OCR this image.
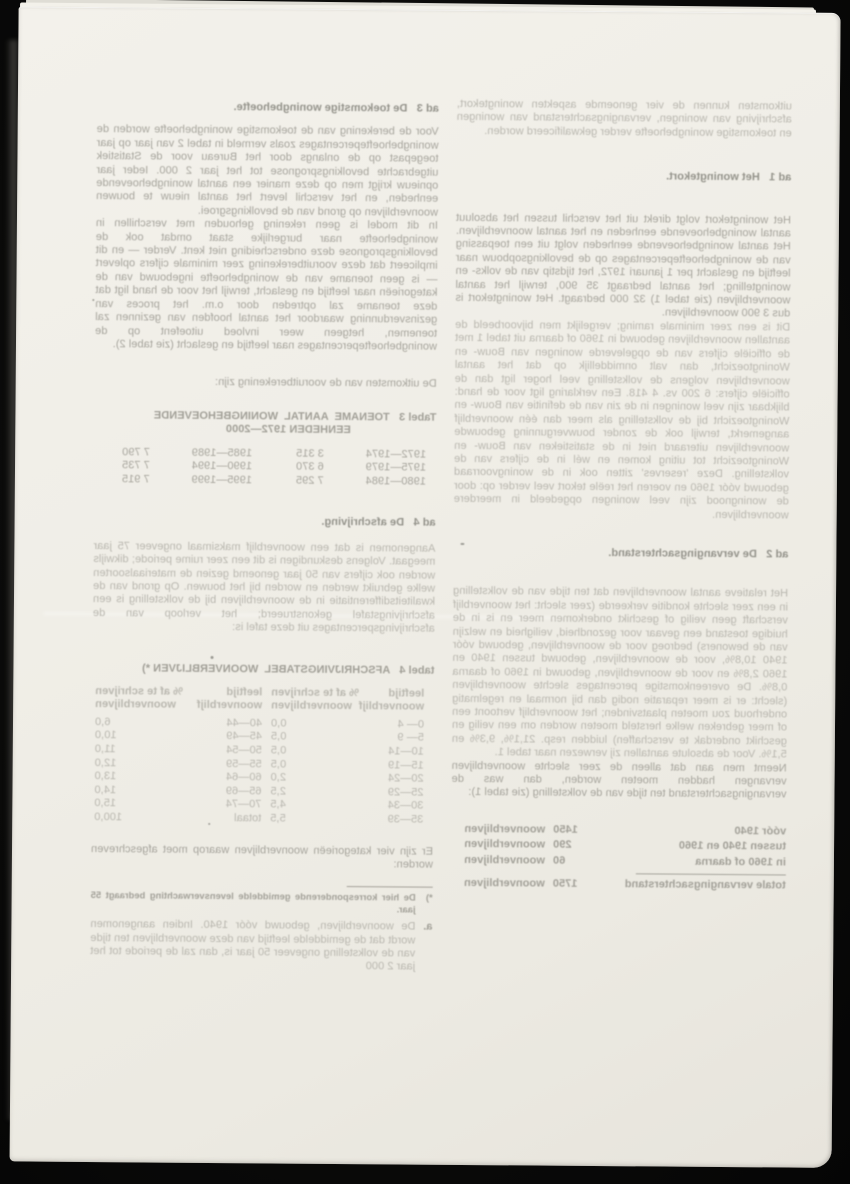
uitkomsten kunnen de vier genoemde aspekten woningtekort, afschrijving van woningen, vervangingsachterstand van woningen en toekomstige woningbehoefte verder gekwalificeerd worden.

ad 1   Het woningtekort.

Het woningtekort volgt direkt uit het verschil tussen het absoluut aantal woningbehoevende eenheden en het aantal woonverblijven. Het aantal woningbehoevende eenheden volgt uit een toepassing van de woningbehoeftepercentages op de bevolkingsopbouw naar leeftijd en geslacht per 1 januari 1972, het tijdstip van de volks- en woningtelling; het aantal bedraagt 35 900, terwijl het aantal woonverblijven (zie tabel 1) 32 000 bedraagt. Het woningtekort is dus 3 900 woonverblijven.

Dit is een zeer minimale raming; vergelijkt men bijvoorbeeld de aantallen woonverblijven gebouwd in 1960 of daarna uit tabel 1 met de officiële cijfers van de opgeleverde woningen van Bouw- en Woningtoezicht, dan valt onmiddellijk op dat het aantal woonverblijven volgens de volkstelling veel hoger ligt dan de officiële cijfers: 6 200 vs. 4 418. Een verklaring ligt voor de hand: blijkbaar zijn veel woningen in de zin van de definitie van Bouw- en Woningtoezicht bij de volkstelling als meer dan één woonverblijf aangemerkt, terwijl ook de zonder bouwvergunning gebouwde woonverblijven uiteraard niet in de statistieken van Bouw- en Woningtoezicht tot uiting komen en wél in de cijfers van de volkstelling. Deze 'reserves' zitten ook in de woningvoorraad gebouwd vóór 1960 en voeren het reële tekort veel verder op: door de woningnood zijn veel woningen opgedeeld in meerdere woonverblijven.

ad 2   De vervangingsachterstand.

Het relatieve aantal woonverblijven dat ten tijde van de volkstelling in een zeer slechte konditie verkeerde (zeer slecht: het woonverblijf verschaft geen veilig of geschikt onderkomen meer en is in de huidige toestand een gevaar voor gezondheid, veiligheid en welzijn van de bewoners) bedroeg voor de woonverblijven, gebouwd vóór 1940 10,8%, voor de woonverblijven, gebouwd tussen 1940 en 1960 2,8% en voor de woonverblijven, gebouwd in 1960 of daarna 0,8%. De overeenkomstige percentages slechte woonverblijven (slecht: er is meer reparatie nodig dan bij normaal en regelmatig onderhoud zou moeten plaatsvinden; het woonverblijf vertoont een of meer gebreken welke hersteld moeten worden om een veilig en geschikt onderdak te verschaffen) luidden resp. 21,1%, 9,3% en 5,1%. Voor de absolute aantallen zij verwezen naar tabel 1.

Neemt men aan dat alleen de zeer slechte woonverblijven vervangen hadden moeten worden, dan was de vervangingsachterstand ten tijde van de volkstelling (zie tabel 1):

vóór 1940
1450
woonverblijven
tussen 1940 en 1960
290
woonverblijven
in 1960 of daarna
60
woonverblijven
totale vervangingsachterstand
1750
woonverblijven
ad 3   De toekomstige woningbehoefte.

Voor de berekening van de toekomstige woningbehoefte worden de woningbehoeftepercentages zoals vermeld in tabel 2 van jaar op jaar toegepast op de onlangs door het Bureau voor de Statistiek uitgebrachte bevolkingsprognose tot het jaar 2 000. Ieder jaar opnieuw krijgt men op deze manier een aantal woningbehoevende eenheden, en het verschil levert het aantal nieuw te bouwen woonverblijven op grond van de bevolkingsgroei.

In dit model is geen rekening gehouden met verschillen in woningbehoefte naar burgerlijke staat omdat ook de bevolkingsprognose deze onderscheiding niet kent. Verder — en dit impliceert dat deze vooruitberekening zeer minimale cijfers oplevert — is geen toename van de woningbehoefte ingebouwd van de kategorieën naar leeftijd en geslacht, terwijl het voor de hand ligt dat deze toename zal optreden door o.m. het proces van gezinsverdunning waardoor het aantal hoofden van gezinnen zal toenemen, hetgeen weer invloed uitoefent op de woningbehoeftepercentages naar leeftijd en geslacht (zie tabel 2).

De uitkomsten van de vooruitberekening zijn:

Tabel 3   TOENAME  AANTAL  WONINGBEHOEVENDE
EENHEDEN 1972—2000
1972—1974
3 315
1985—1989
7 790
1975—1979
6 370
1990—1994
7 735
1980—1984
7 295
1995—1999
7 915
ad 4   De afschrijving.

Aangenomen is dat een woonverblijf maksimaal ongeveer 75 jaar meegaat. Volgens deskundigen is dit een zeer ruime periode; dikwijls worden ook cijfers van 50 jaar genoemd gezien de materiaalsoorten welke gebruikt werden en worden bij het bouwen. Op grond van de kwaliteitsdifferentiatie in de woonverblijven bij de volkstelling is een afschrijvingstafel gekonstrueerd; het verloop van de afschrijvingspercentages uit deze tafel is:

tabel 4   AFSCHRIJVINGSTABEL  WOONVERBLIJVEN *)
leeftijd woonverblijf
% af te schrijven woonverblijven
leeftijd woonverblijf
% af te schrijven woonverblijven
0— 4
0,0
40—44
6,0
5— 9
0,5
45—49
10,0
10—14
0,5
50—54
11,0
15—19
0,5
55—59
12,0
20—24
2,0
60—64
13,0
25—29
2,5
65—69
14,0
30—34
4,5
70—74
15,0
35—39
5,5
totaal
100,0

Er zijn vier kategorieën woonverblijven waarop moet afgeschreven worden:

*)
De hier korresponderende gemiddelde levensverwachting bedraagt 55 jaar.
a.
De woonverblijven, gebouwd vóór 1940. Indien aangenomen wordt dat de gemiddelde leeftijd van deze woonverblijven ten tijde van de volkstelling ongeveer 50 jaar is, dan zal de periode tot het jaar 2 000
